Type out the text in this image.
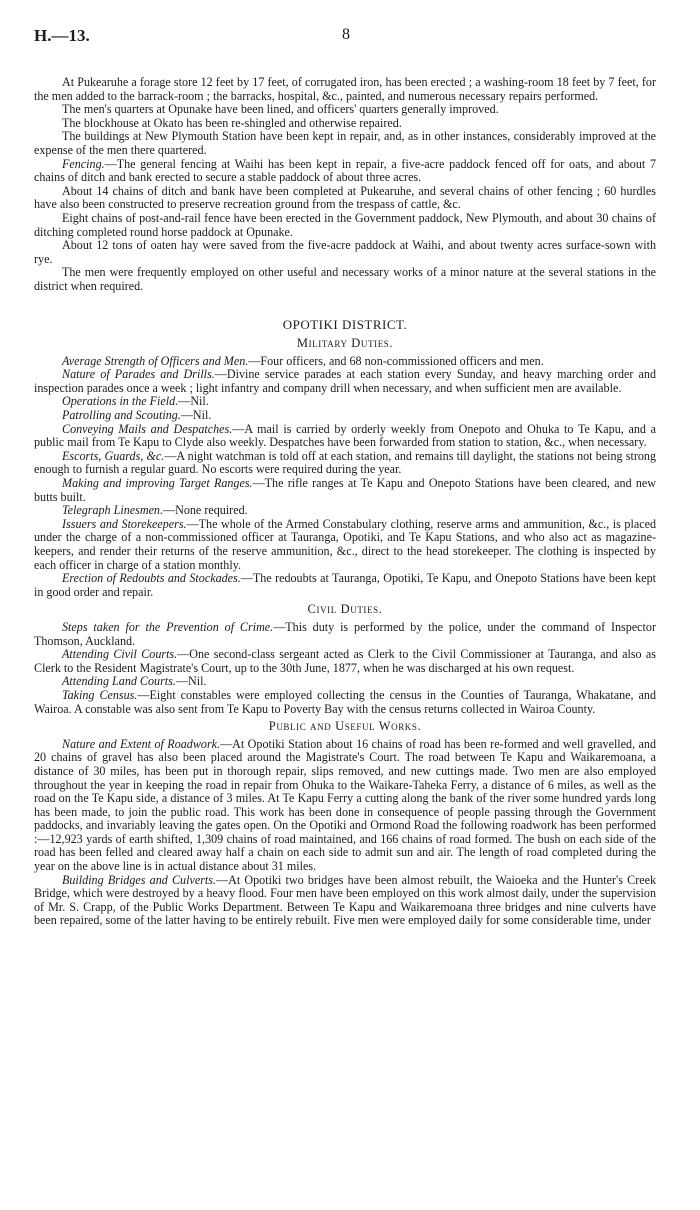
H.—13.	8

At Pukearuhe a forage store 12 feet by 17 feet, of corrugated iron, has been erected ; a washing-room 18 feet by 7 feet, for the men added to the barrack-room ; the barracks, hospital, &c., painted, and numerous necessary repairs performed.

The men's quarters at Opunake have been lined, and officers' quarters generally improved.

The blockhouse at Okato has been re-shingled and otherwise repaired.

The buildings at New Plymouth Station have been kept in repair, and, as in other instances, considerably improved at the expense of the men there quartered.

Fencing.—The general fencing at Waihi has been kept in repair, a five-acre paddock fenced off for oats, and about 7 chains of ditch and bank erected to secure a stable paddock of about three acres.

About 14 chains of ditch and bank have been completed at Pukearuhe, and several chains of other fencing ; 60 hurdles have also been constructed to preserve recreation ground from the trespass of cattle, &c.

Eight chains of post-and-rail fence have been erected in the Government paddock, New Plymouth, and about 30 chains of ditching completed round horse paddock at Opunake.

About 12 tons of oaten hay were saved from the five-acre paddock at Waihi, and about twenty acres surface-sown with rye.

The men were frequently employed on other useful and necessary works of a minor nature at the several stations in the district when required.

OPOTIKI DISTRICT.
Military Duties.

Average Strength of Officers and Men.—Four officers, and 68 non-commissioned officers and men.

Nature of Parades and Drills.—Divine service parades at each station every Sunday, and heavy marching order and inspection parades once a week ; light infantry and company drill when necessary, and when sufficient men are available.

Operations in the Field.—Nil.

Patrolling and Scouting.—Nil.

Conveying Mails and Despatches.—A mail is carried by orderly weekly from Onepoto and Ohuka to Te Kapu, and a public mail from Te Kapu to Clyde also weekly. Despatches have been forwarded from station to station, &c., when necessary.

Escorts, Guards, &c.—A night watchman is told off at each station, and remains till daylight, the stations not being strong enough to furnish a regular guard. No escorts were required during the year.

Making and improving Target Ranges.—The rifle ranges at Te Kapu and Onepoto Stations have been cleared, and new butts built.

Telegraph Linesmen.—None required.

Issuers and Storekeepers.—The whole of the Armed Constabulary clothing, reserve arms and ammunition, &c., is placed under the charge of a non-commissioned officer at Tauranga, Opotiki, and Te Kapu Stations, and who also act as magazine-keepers, and render their returns of the reserve ammunition, &c., direct to the head storekeeper. The clothing is inspected by each officer in charge of a station monthly.

Erection of Redoubts and Stockades.—The redoubts at Tauranga, Opotiki, Te Kapu, and Onepoto Stations have been kept in good order and repair.

Civil Duties.

Steps taken for the Prevention of Crime.—This duty is performed by the police, under the command of Inspector Thomson, Auckland.

Attending Civil Courts.—One second-class sergeant acted as Clerk to the Civil Commissioner at Tauranga, and also as Clerk to the Resident Magistrate's Court, up to the 30th June, 1877, when he was discharged at his own request.

Attending Land Courts.—Nil.

Taking Census.—Eight constables were employed collecting the census in the Counties of Tauranga, Whakatane, and Wairoa. A constable was also sent from Te Kapu to Poverty Bay with the census returns collected in Wairoa County.

Public and Useful Works.

Nature and Extent of Roadwork.—At Opotiki Station about 16 chains of road has been re-formed and well gravelled, and 20 chains of gravel has also been placed around the Magistrate's Court. The road between Te Kapu and Waikaremoana, a distance of 30 miles, has been put in thorough repair, slips removed, and new cuttings made. Two men are also employed throughout the year in keeping the road in repair from Ohuka to the Waikare-Taheka Ferry, a distance of 6 miles, as well as the road on the Te Kapu side, a distance of 3 miles. At Te Kapu Ferry a cutting along the bank of the river some hundred yards long has been made, to join the public road. This work has been done in consequence of people passing through the Government paddocks, and invariably leaving the gates open. On the Opotiki and Ormond Road the following roadwork has been performed :—12,923 yards of earth shifted, 1,309 chains of road maintained, and 166 chains of road formed. The bush on each side of the road has been felled and cleared away half a chain on each side to admit sun and air. The length of road completed during the year on the above line is in actual distance about 31 miles.

Building Bridges and Culverts.—At Opotiki two bridges have been almost rebuilt, the Waioeka and the Hunter's Creek Bridge, which were destroyed by a heavy flood. Four men have been employed on this work almost daily, under the supervision of Mr. S. Crapp, of the Public Works Department. Between Te Kapu and Waikaremoana three bridges and nine culverts have been repaired, some of the latter having to be entirely rebuilt. Five men were employed daily for some considerable time, under
